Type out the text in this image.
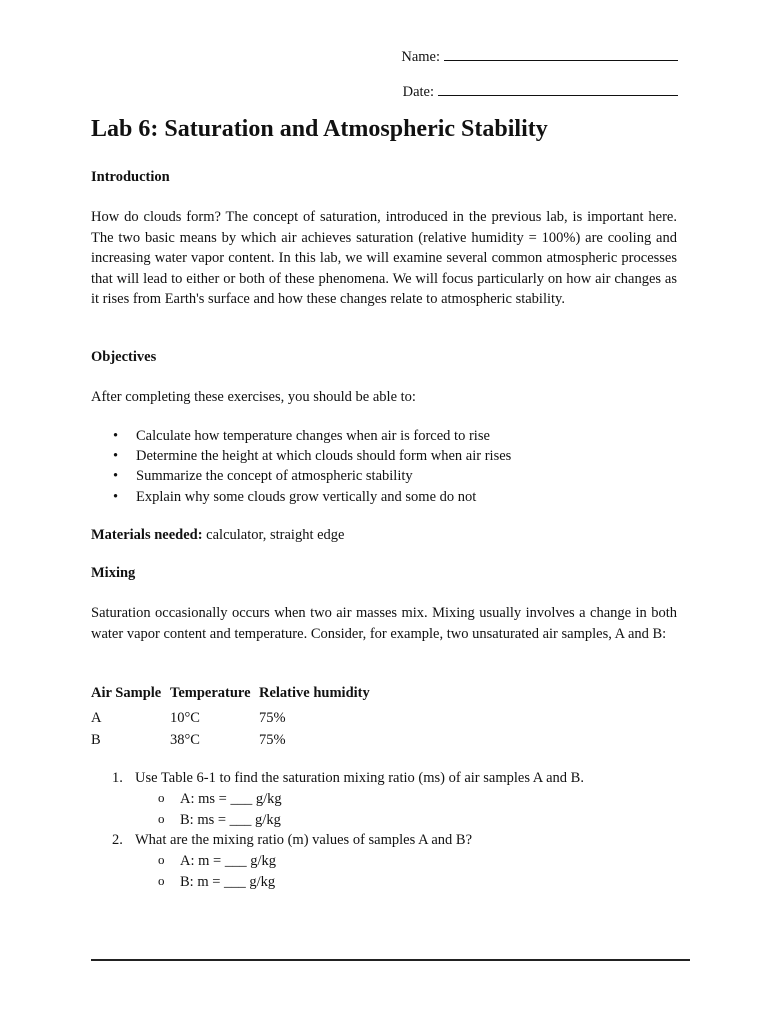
Name:
Date:
Lab 6: Saturation and Atmospheric Stability
Introduction

How do clouds form? The concept of saturation, introduced in the previous lab, is important here. The two basic means by which air achieves saturation (relative humidity = 100%) are cooling and increasing water vapor content. In this lab, we will examine several common atmospheric processes that will lead to either or both of these phenomena. We will focus particularly on how air changes as it rises from Earth's surface and how these changes relate to atmospheric stability.

Objectives

After completing these exercises, you should be able to:

• Calculate how temperature changes when air is forced to rise
• Determine the height at which clouds should form when air rises
• Summarize the concept of atmospheric stability
• Explain why some clouds grow vertically and some do not

Materials needed: calculator, straight edge

Mixing

Saturation occasionally occurs when two air masses mix. Mixing usually involves a change in both water vapor content and temperature. Consider, for example, two unsaturated air samples, A and B:

Air Sample	Temperature	Relative humidity
A	10°C	75%
B	38°C	75%
1. Use Table 6-1 to find the saturation mixing ratio (ms) of air samples A and B.
o A: ms = ___ g/kg
o B: ms = ___ g/kg
2. What are the mixing ratio (m) values of samples A and B?
o A: m = ___ g/kg
o B: m = ___ g/kg
